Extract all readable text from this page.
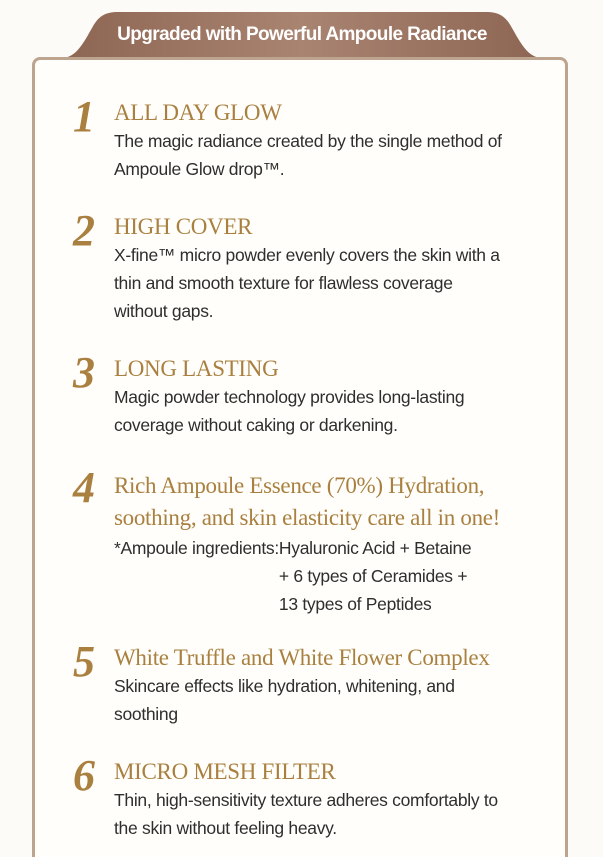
Upgraded with Powerful Ampoule Radiance
1 ALL DAY GLOW
The magic radiance created by the single method of
Ampoule Glow drop™.
2 HIGH COVER
X-fine™ micro powder evenly covers the skin with a
thin and smooth texture for flawless coverage
without gaps.
3 LONG LASTING
Magic powder technology provides long-lasting
coverage without caking or darkening.
4 Rich Ampoule Essence (70%) Hydration,
soothing, and skin elasticity care all in one!
*Ampoule ingredients: Hyaluronic Acid + Betaine
+ 6 types of Ceramides +
13 types of Peptides
5 White Truffle and White Flower Complex
Skincare effects like hydration, whitening, and
soothing
6 MICRO MESH FILTER
Thin, high-sensitivity texture adheres comfortably to
the skin without feeling heavy.
